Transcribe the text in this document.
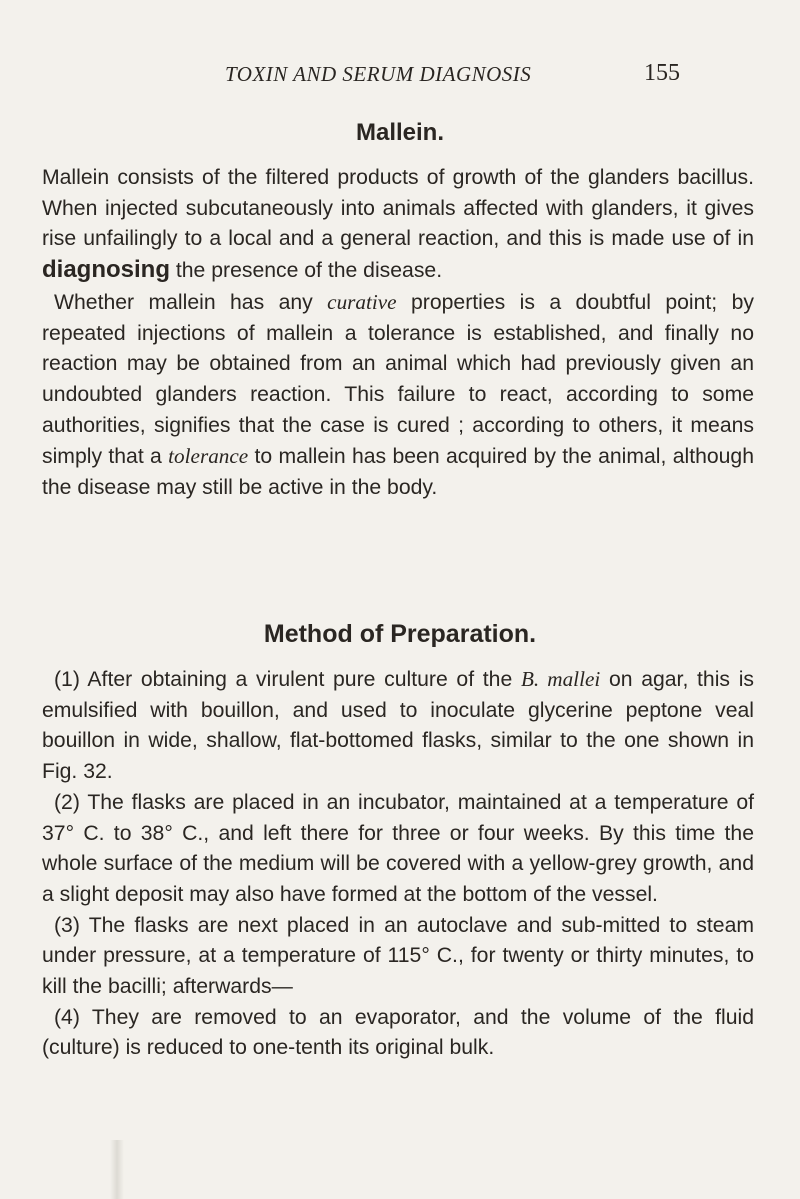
TOXIN AND SERUM DIAGNOSIS	155
Mallein.

Mallein consists of the filtered products of growth of the glanders bacillus. When injected subcutaneously into animals affected with glanders, it gives rise unfailingly to a local and a general reaction, and this is made use of in diagnosing the presence of the disease.

Whether mallein has any curative properties is a doubtful point; by repeated injections of mallein a tolerance is established, and finally no reaction may be obtained from an animal which had previously given an undoubted glanders reaction. This failure to react, according to some authorities, signifies that the case is cured ; according to others, it means simply that a tolerance to mallein has been acquired by the animal, although the disease may still be active in the body.

Method of Preparation.

(1) After obtaining a virulent pure culture of the B. mallei on agar, this is emulsified with bouillon, and used to inoculate glycerine peptone veal bouillon in wide, shallow, flat-bottomed flasks, similar to the one shown in Fig. 32.

(2) The flasks are placed in an incubator, maintained at a temperature of 37° C. to 38° C., and left there for three or four weeks. By this time the whole surface of the medium will be covered with a yellow-grey growth, and a slight deposit may also have formed at the bottom of the vessel.

(3) The flasks are next placed in an autoclave and sub-mitted to steam under pressure, at a temperature of 115° C., for twenty or thirty minutes, to kill the bacilli; afterwards—

(4) They are removed to an evaporator, and the volume of the fluid (culture) is reduced to one-tenth its original bulk.
